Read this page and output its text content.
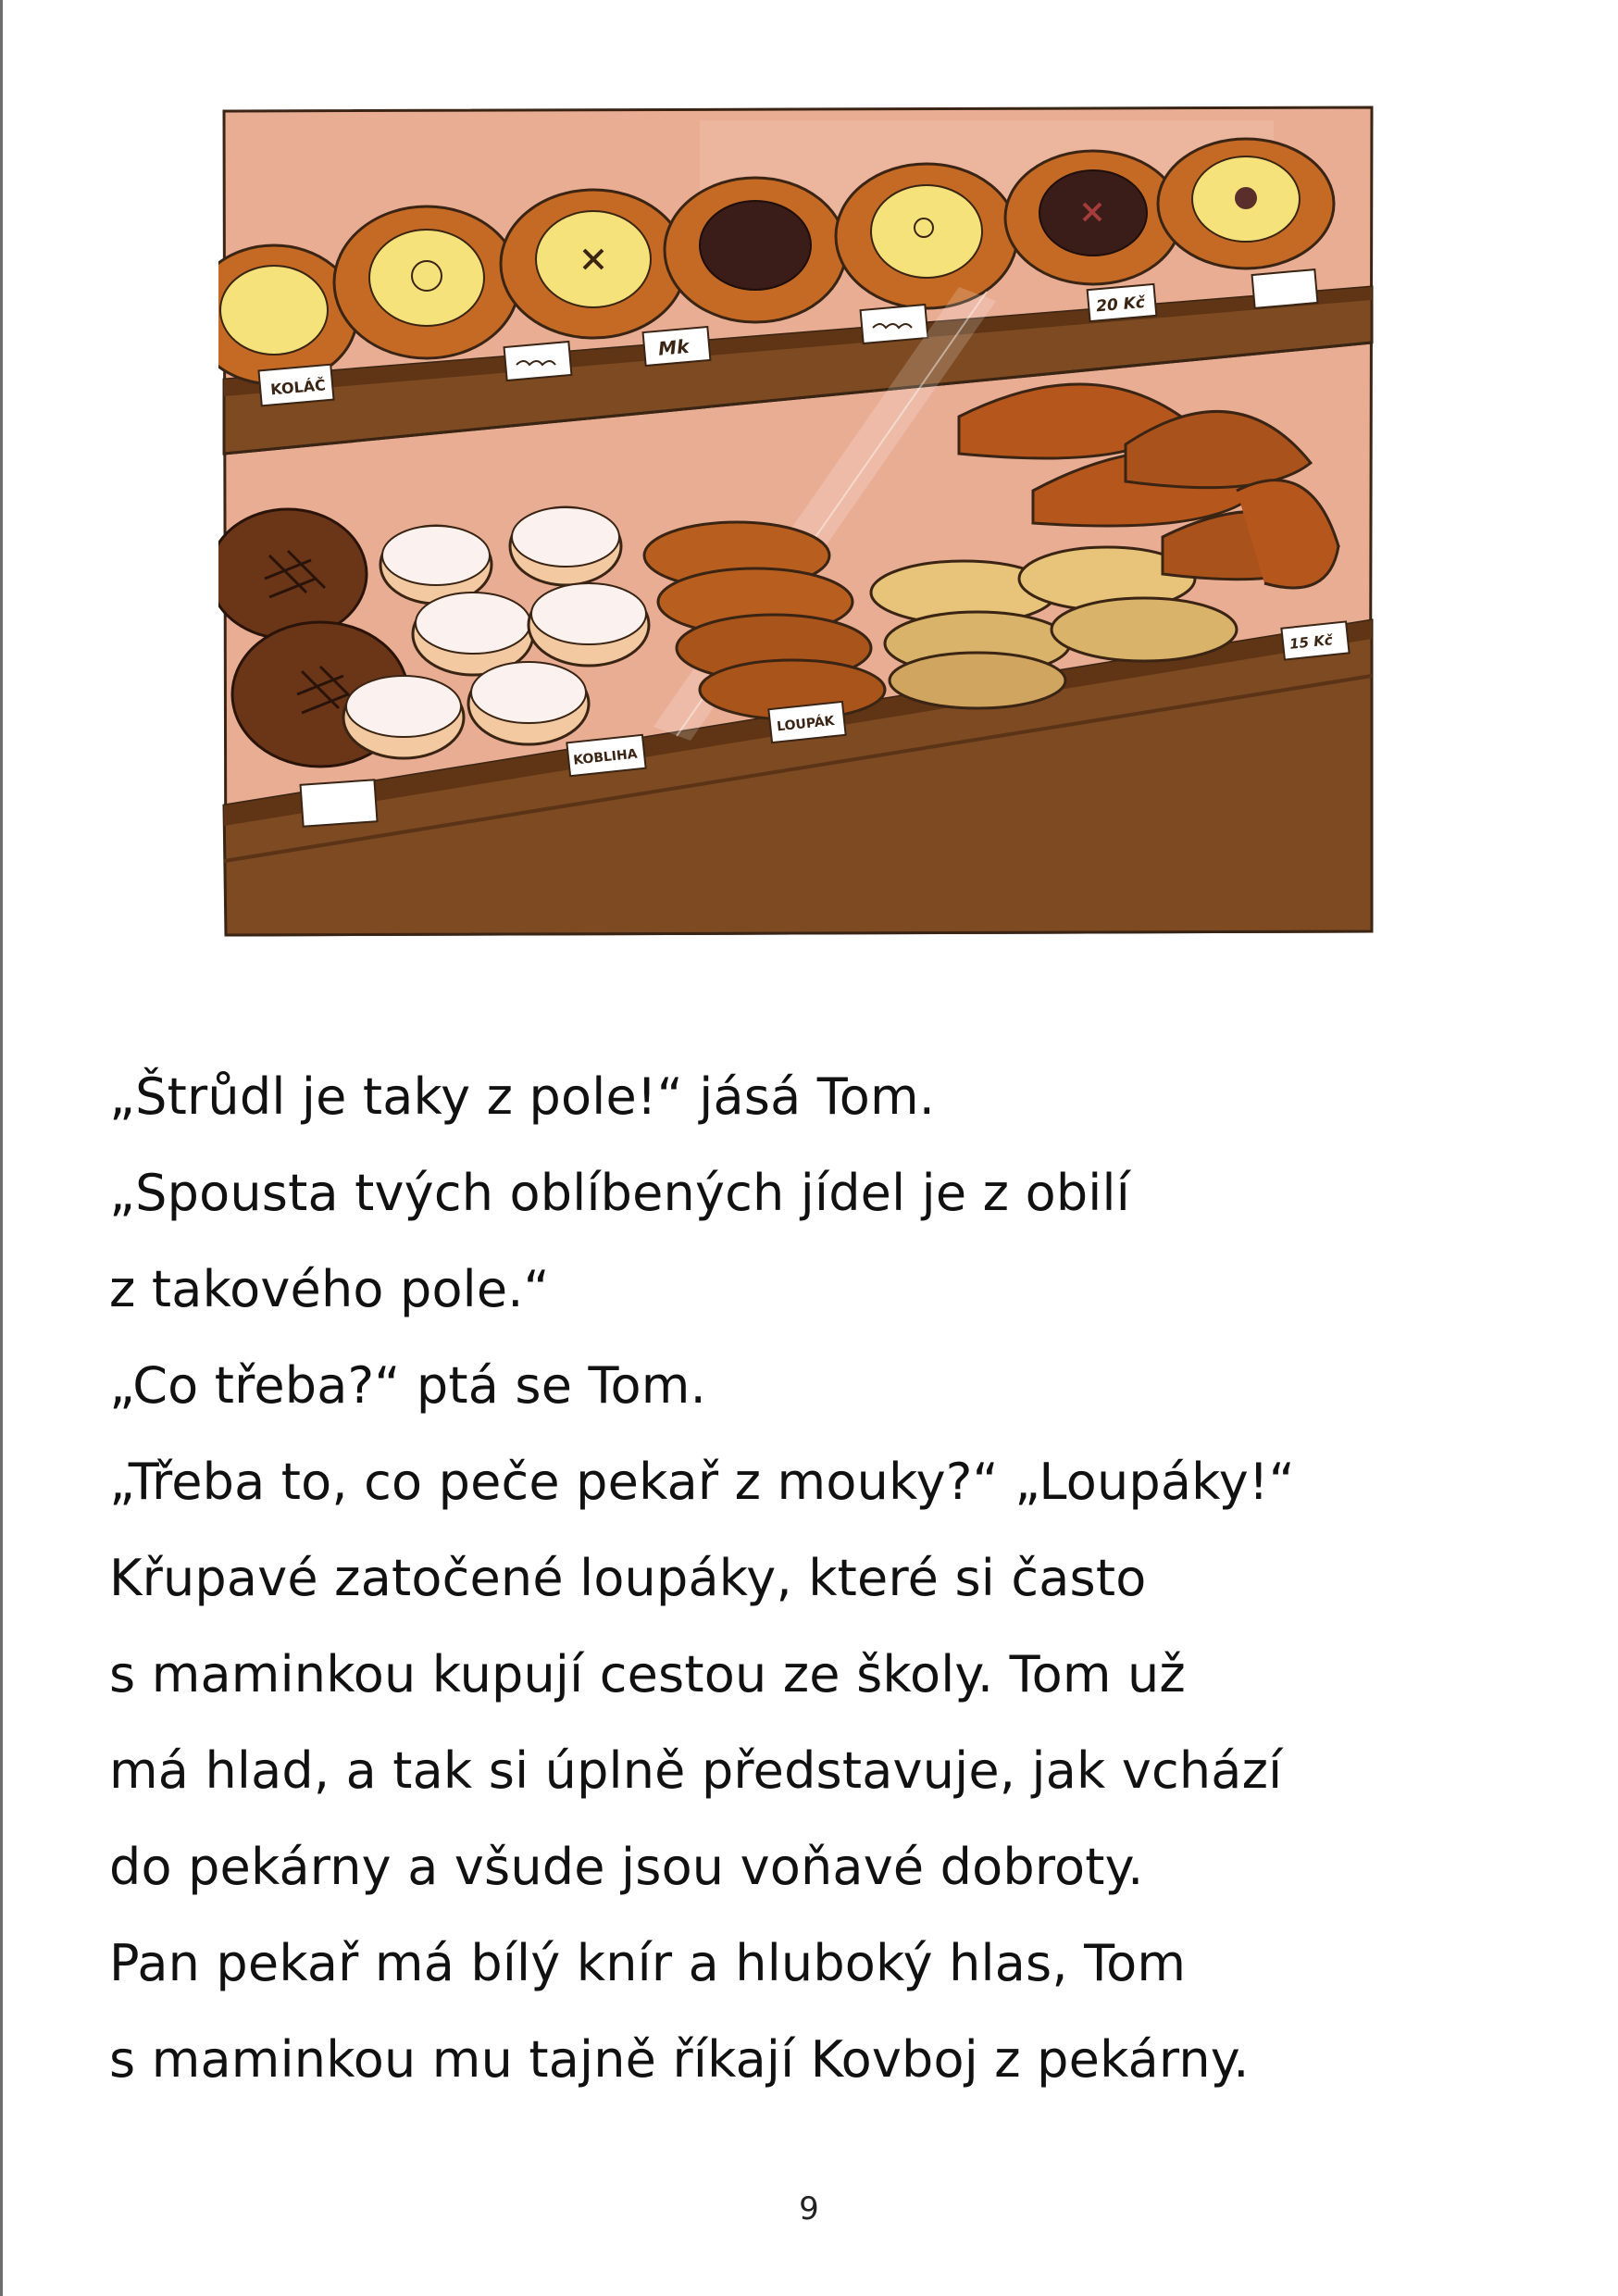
KOLÁČ
Mk
20 Kč
KOBLIHA
LOUPÁK
15 Kč
„Štrůdl je taky z pole!“ jásá Tom.
„Spousta tvých oblíbených jídel je z obilí
z takového pole.“
„Co třeba?“ ptá se Tom.
„Třeba to, co peče pekař z mouky?“ „Loupáky!“
Křupavé zatočené loupáky, které si často
s maminkou kupují cestou ze školy. Tom už
má hlad, a tak si úplně představuje, jak vchází
do pekárny a všude jsou voňavé dobroty.
Pan pekař má bílý knír a hluboký hlas, Tom
s maminkou mu tajně říkají Kovboj z pekárny.
9
